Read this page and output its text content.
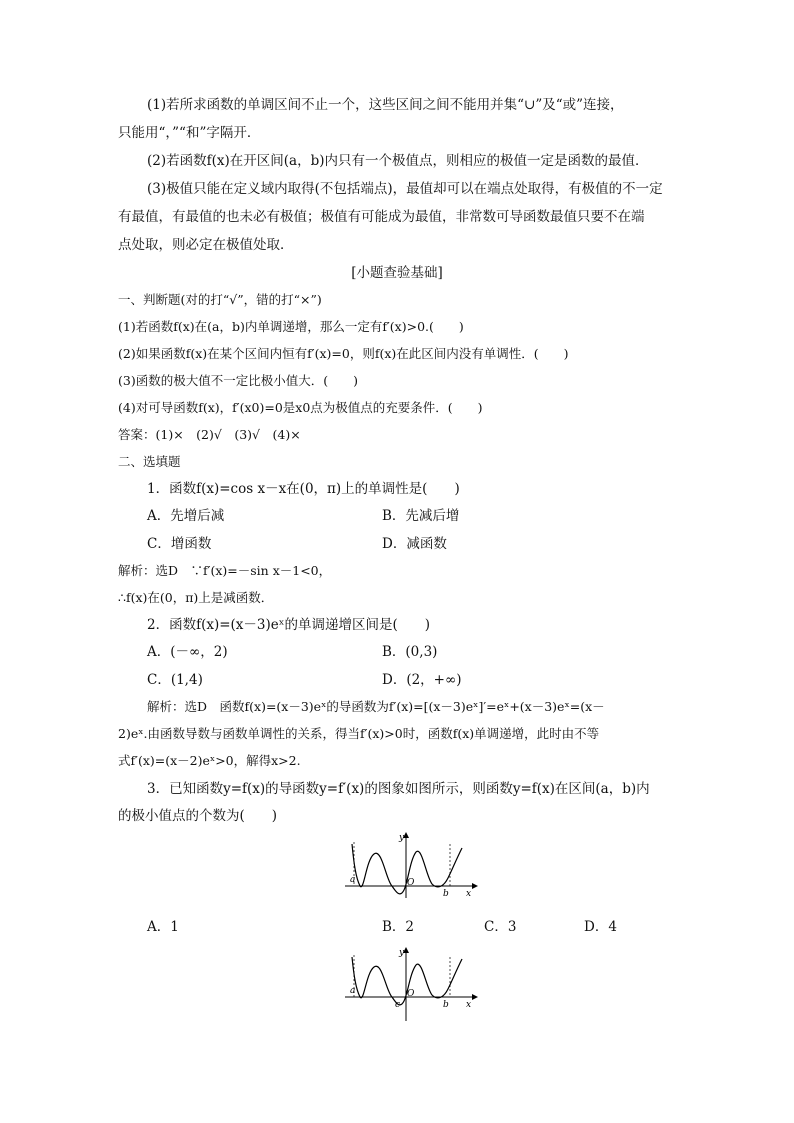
(1)若所求函数的单调区间不止一个，这些区间之间不能用并集“∪”及“或”连接，
只能用“，”“和”字隔开．
(2)若函数f(x)在开区间(a，b)内只有一个极值点，则相应的极值一定是函数的最值．
(3)极值只能在定义域内取得(不包括端点)，最值却可以在端点处取得，有极值的不一定
有最值，有最值的也未必有极值；极值有可能成为最值，非常数可导函数最值只要不在端
点处取，则必定在极值处取．
[小题查验基础]
一、判断题(对的打“√”，错的打“×”)
(1)若函数f(x)在(a，b)内单调递增，那么一定有f′(x)>0.(　　)
(2)如果函数f(x)在某个区间内恒有f′(x)=0，则f(x)在此区间内没有单调性．(　　)
(3)函数的极大值不一定比极小值大．(　　)
(4)对可导函数f(x)，f′(x0)=0是x0点为极值点的充要条件．(　　)
答案：(1)×　(2)√　(3)√　(4)×
二、选填题
1．函数f(x)=cos x－x在(0，π)上的单调性是(　　)
A．先增后减	B．先减后增
C．增函数	D．减函数
解析：选D　∵f′(x)=－sin x－1<0，
∴f(x)在(0，π)上是减函数．
2．函数f(x)=(x－3)eˣ的单调递增区间是(　　)
A．(－∞，2)	B．(0,3)
C．(1,4)	D．(2，+∞)
解析：选D　函数f(x)=(x－3)eˣ的导函数为f′(x)=[(x－3)eˣ]′=eˣ+(x－3)eˣ=(x－
2)eˣ.由函数导数与函数单调性的关系，得当f′(x)>0时，函数f(x)单调递增，此时由不等
式f′(x)=(x－2)eˣ>0，解得x>2.
3．已知函数y=f(x)的导函数y=f′(x)的图象如图所示，则函数y=f(x)在区间(a，b)内
的极小值点的个数为(　　)
a	O
b x
y
A．1	B．2	C．3	D．4
a
c
O
b x
y
